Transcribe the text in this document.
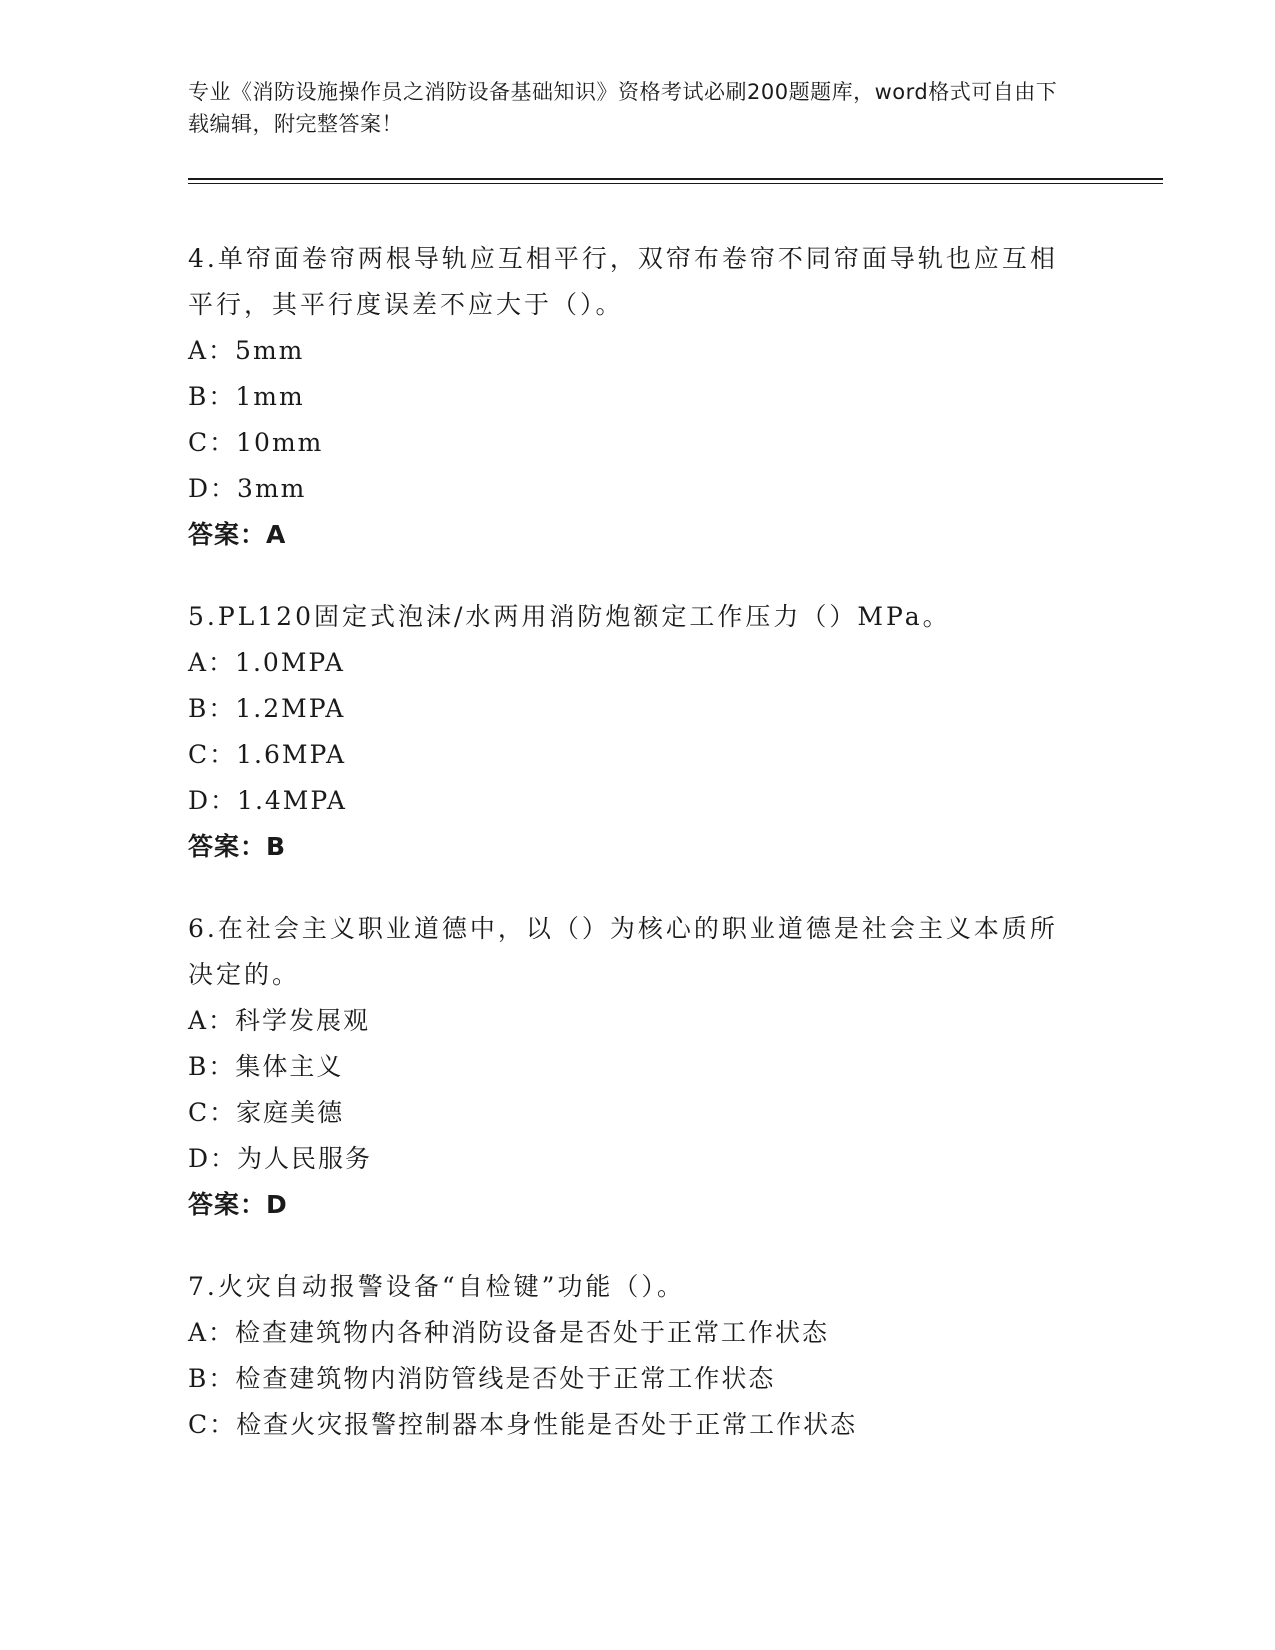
专业《消防设施操作员之消防设备基础知识》资格考试必刷200题题库，word格式可自由下载编辑，附完整答案！
4.单帘面卷帘两根导轨应互相平行，双帘布卷帘不同帘面导轨也应互相平行，其平行度误差不应大于（）。
A：5mm
B：1mm
C：10mm
D：3mm
答案：A
5.PL120固定式泡沫/水两用消防炮额定工作压力（）MPa。
A：1.0MPA
B：1.2MPA
C：1.6MPA
D：1.4MPA
答案：B
6.在社会主义职业道德中，以（）为核心的职业道德是社会主义本质所决定的。
A：科学发展观
B：集体主义
C：家庭美德
D：为人民服务
答案：D
7.火灾自动报警设备“自检键”功能（）。
A：检查建筑物内各种消防设备是否处于正常工作状态
B：检查建筑物内消防管线是否处于正常工作状态
C：检查火灾报警控制器本身性能是否处于正常工作状态
